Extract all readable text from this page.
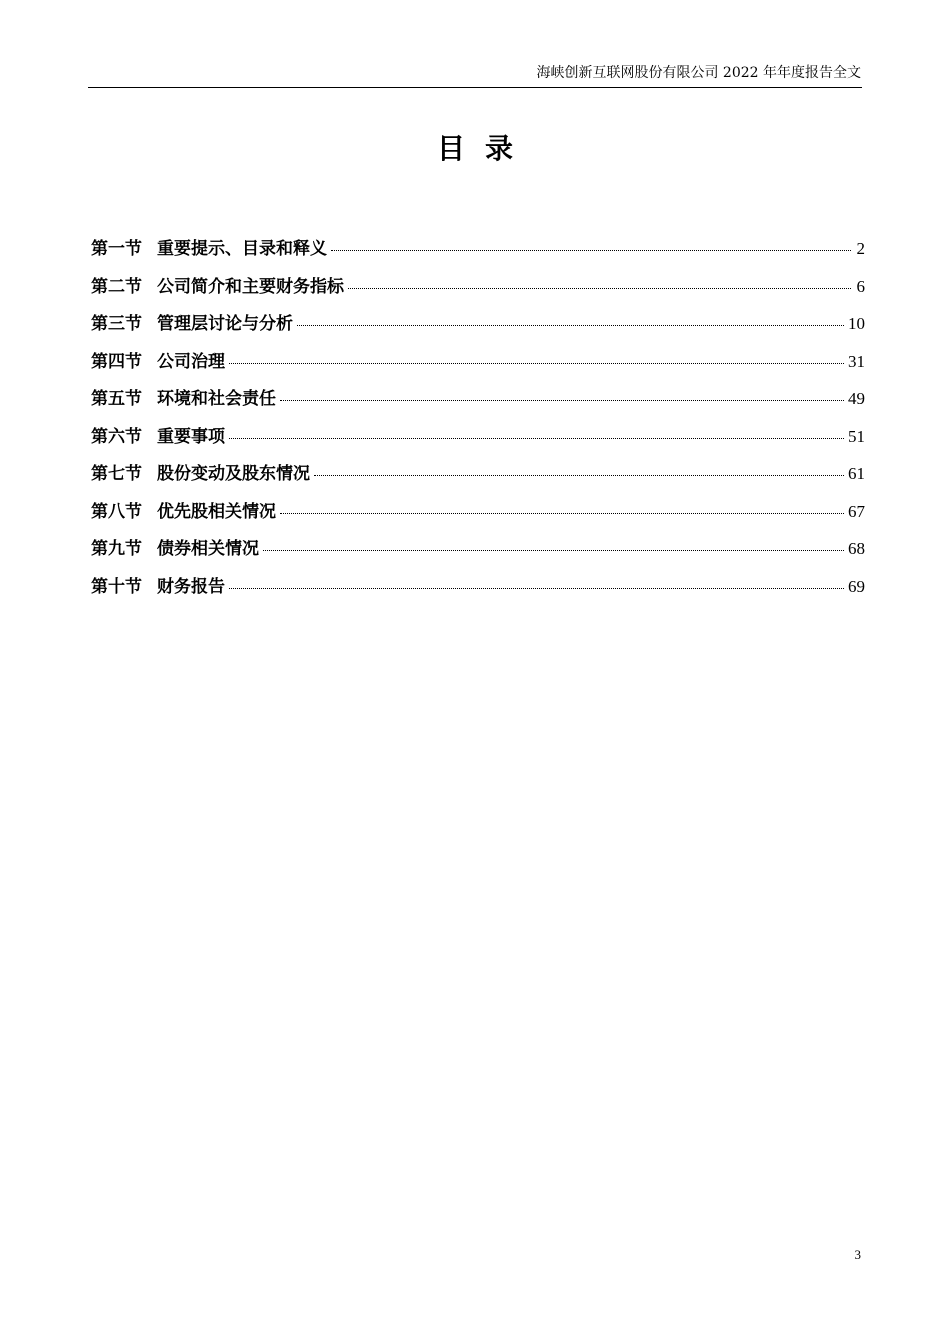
海峡创新互联网股份有限公司 2022 年年度报告全文
目录
第一节 重要提示、目录和释义	2
第二节 公司简介和主要财务指标	6
第三节 管理层讨论与分析	10
第四节 公司治理	31
第五节 环境和社会责任	49
第六节 重要事项	51
第七节 股份变动及股东情况	61
第八节 优先股相关情况	67
第九节 债券相关情况	68
第十节 财务报告	69
3
